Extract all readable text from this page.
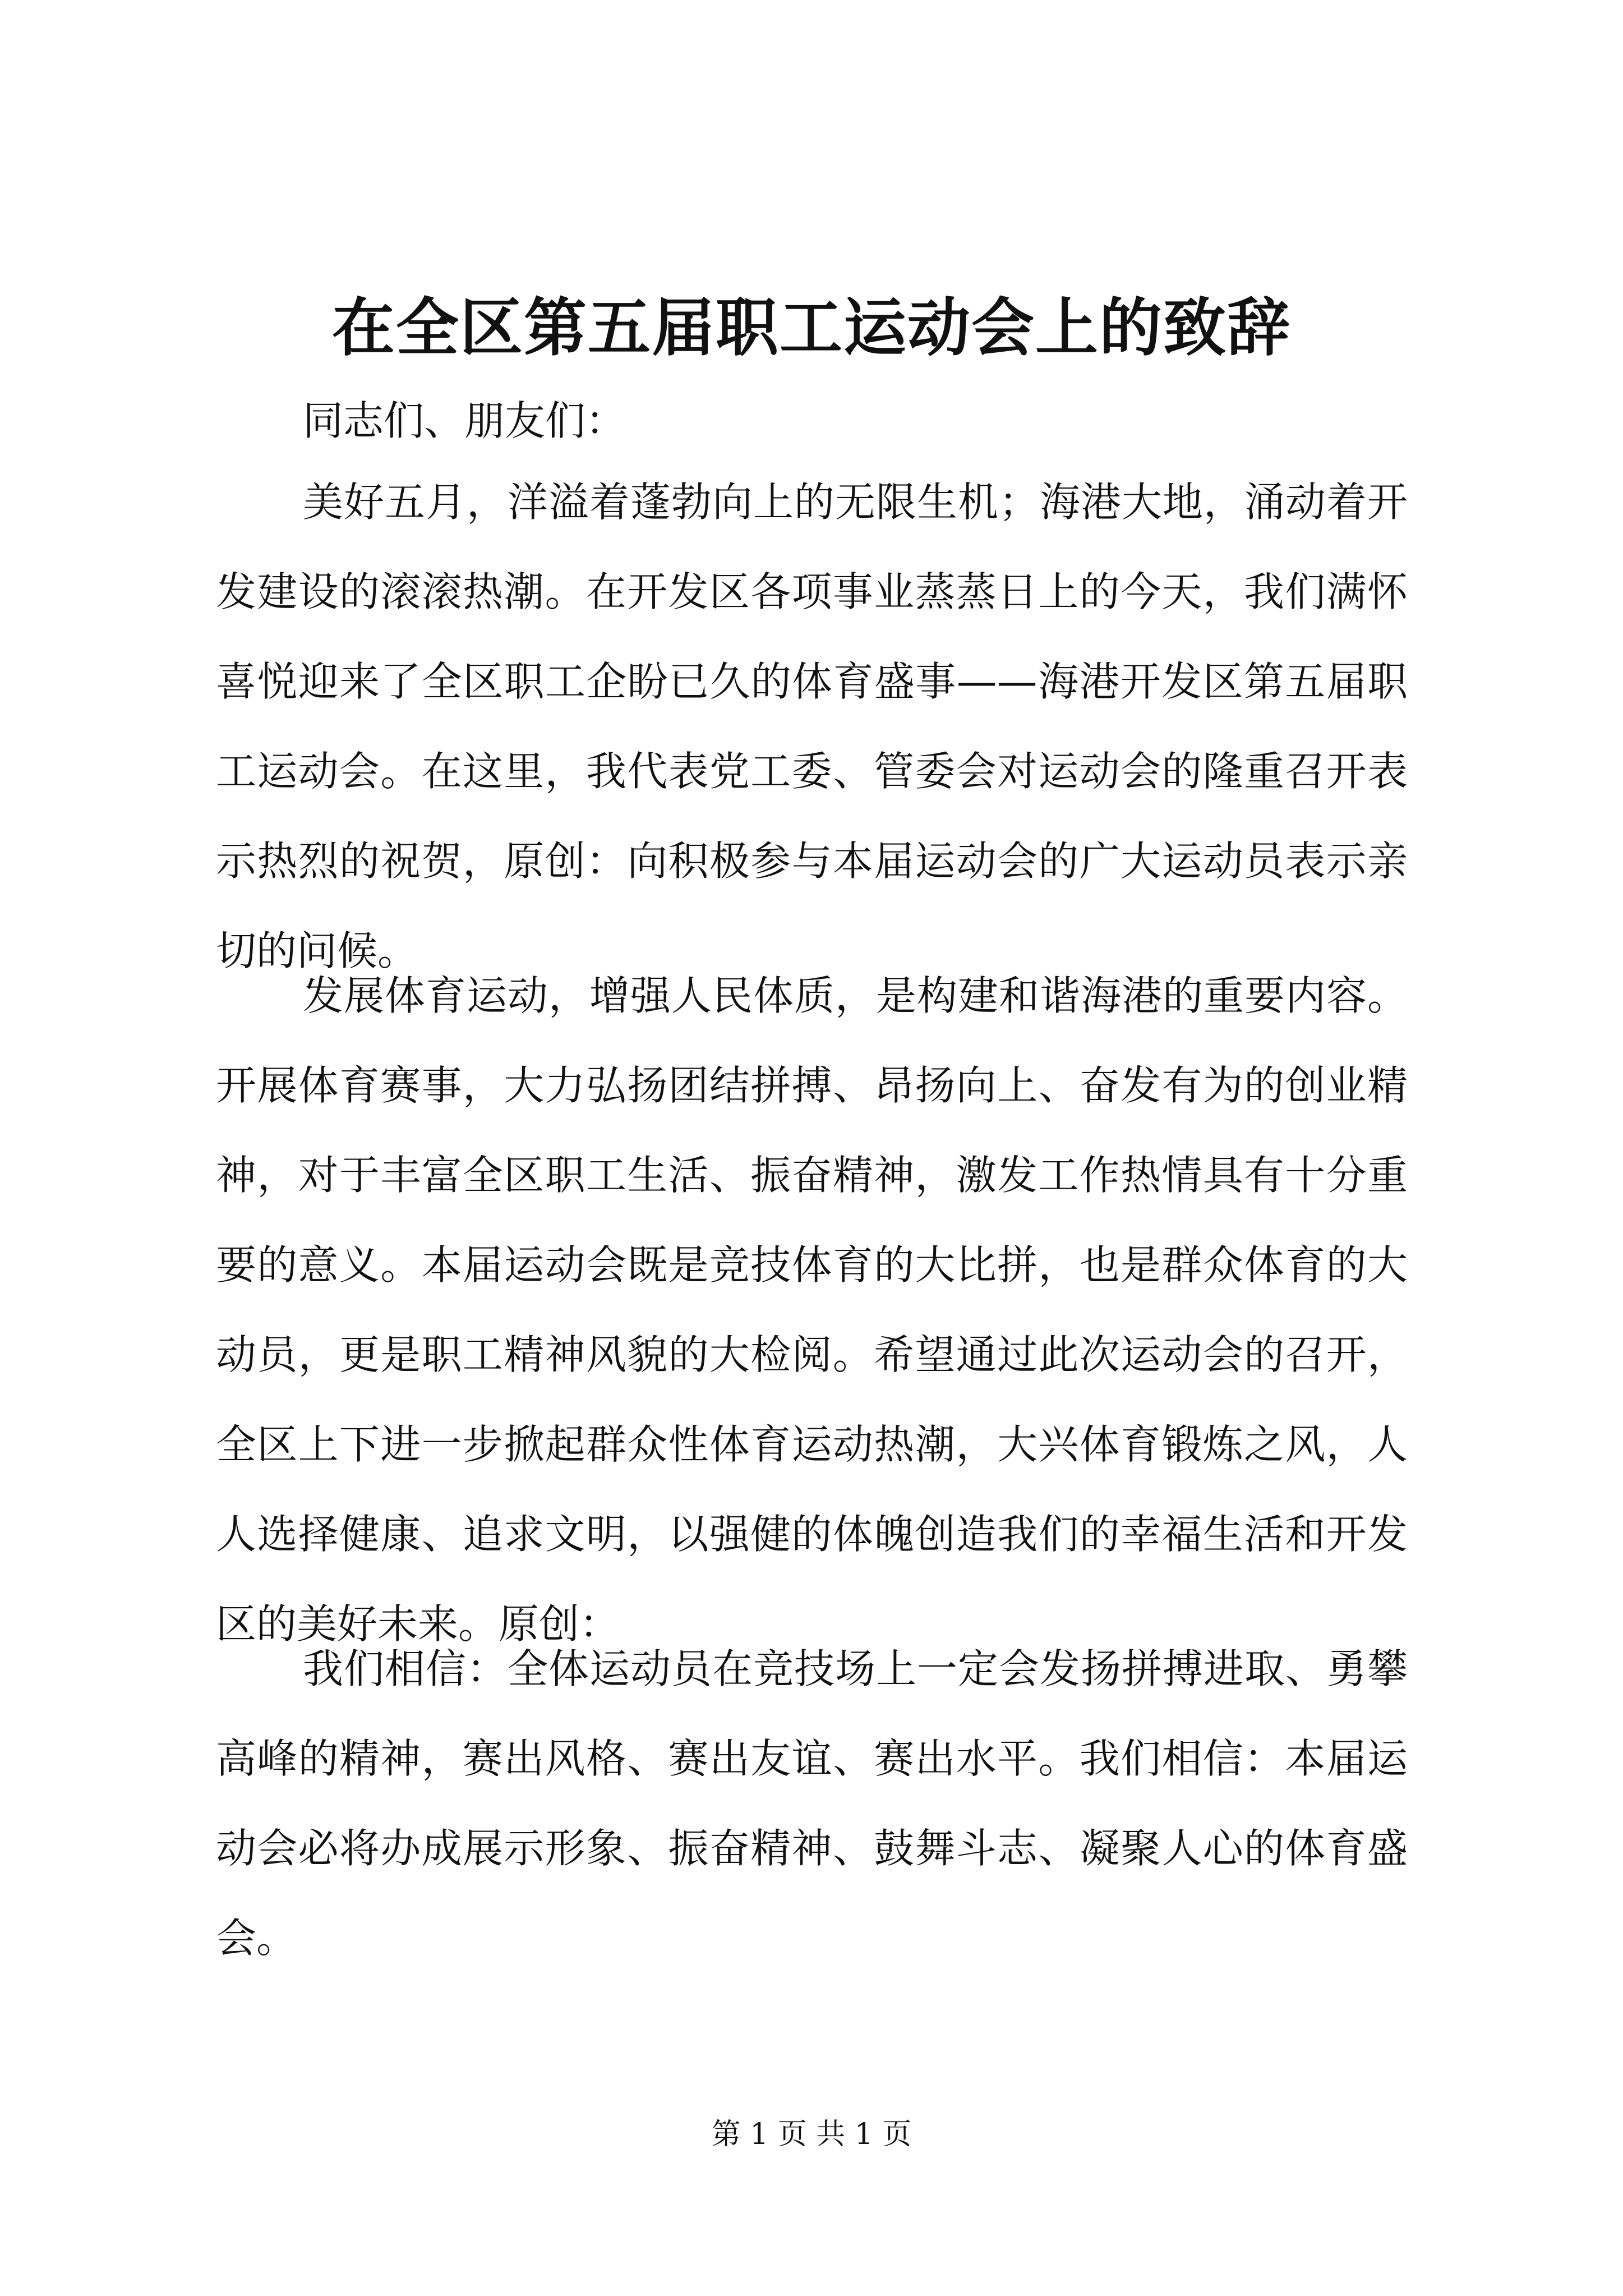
在全区第五届职工运动会上的致辞

同志们、朋友们：

美好五月，洋溢着蓬勃向上的无限生机；海港大地，涌动着开发建设的滚滚热潮。在开发区各项事业蒸蒸日上的今天，我们满怀喜悦迎来了全区职工企盼已久的体育盛事——海港开发区第五届职工运动会。在这里，我代表党工委、管委会对运动会的隆重召开表示热烈的祝贺，原创：向积极参与本届运动会的广大运动员表示亲切的问候。

发展体育运动，增强人民体质，是构建和谐海港的重要内容。开展体育赛事，大力弘扬团结拼搏、昂扬向上、奋发有为的创业精神，对于丰富全区职工生活、振奋精神，激发工作热情具有十分重要的意义。本届运动会既是竞技体育的大比拼，也是群众体育的大动员，更是职工精神风貌的大检阅。希望通过此次运动会的召开，全区上下进一步掀起群众性体育运动热潮，大兴体育锻炼之风，人人选择健康、追求文明，以强健的体魄创造我们的幸福生活和开发区的美好未来。原创：

我们相信：全体运动员在竞技场上一定会发扬拼搏进取、勇攀高峰的精神，赛出风格、赛出友谊、赛出水平。我们相信：本届运动会必将办成展示形象、振奋精神、鼓舞斗志、凝聚人心的体育盛会。

第 1 页 共 1 页
